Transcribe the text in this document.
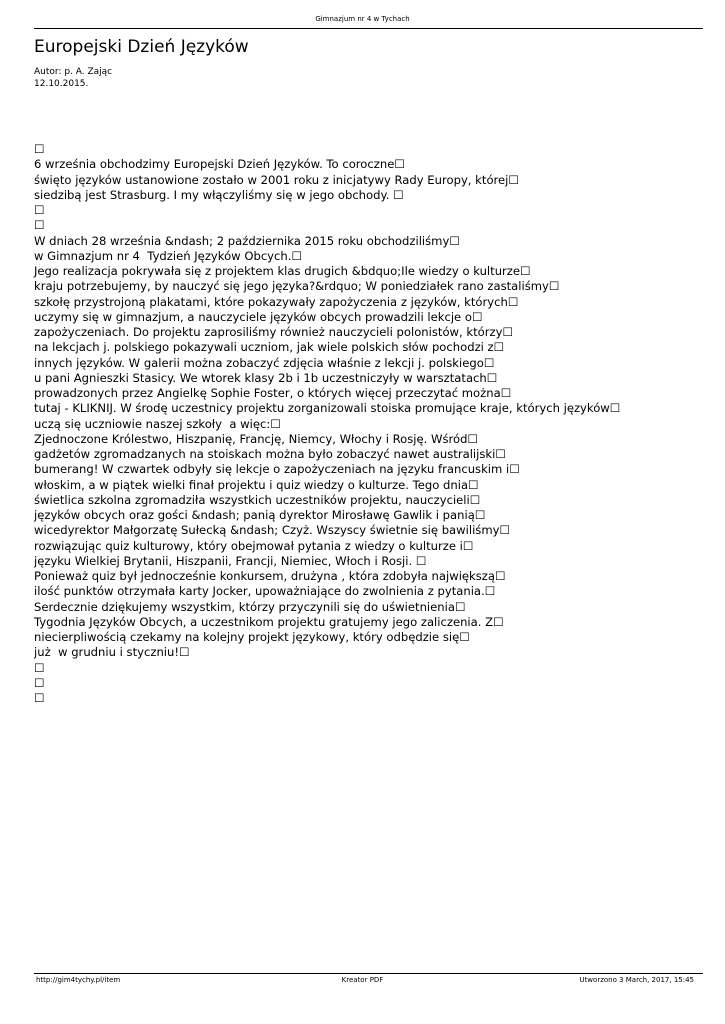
Gimnazjum nr 4 w Tychach
Europejski Dzień Języków
Autor: p. A. Zając
12.10.2015.
☐
6 września obchodzimy Europejski Dzień Języków. To coroczne☐
święto języków ustanowione zostało w 2001 roku z inicjatywy Rady Europy, której☐
siedzibą jest Strasburg. I my włączyliśmy się w jego obchody. ☐
☐
☐
W dniach 28 września &ndash; 2 października 2015 roku obchodziliśmy☐
w Gimnazjum nr 4  Tydzień Języków Obcych.☐
Jego realizacja pokrywała się z projektem klas drugich &bdquo;Ile wiedzy o kulturze☐
kraju potrzebujemy, by nauczyć się jego języka?&rdquo; W poniedziałek rano zastaliśmy☐
szkołę przystrojoną plakatami, które pokazywały zapożyczenia z języków, których☐
uczymy się w gimnazjum, a nauczyciele języków obcych prowadzili lekcje o☐
zapożyczeniach. Do projektu zaprosiliśmy również nauczycieli polonistów, którzy☐
na lekcjach j. polskiego pokazywali uczniom, jak wiele polskich słów pochodzi z☐
innych języków. W galerii można zobaczyć zdjęcia właśnie z lekcji j. polskiego☐
u pani Agnieszki Stasicy. We wtorek klasy 2b i 1b uczestniczyły w warsztatach☐
prowadzonych przez Angielkę Sophie Foster, o których więcej przeczytać można☐
tutaj - KLIKNIJ. W środę uczestnicy projektu zorganizowali stoiska promujące kraje, których języków☐
uczą się uczniowie naszej szkoły  a więc:☐
Zjednoczone Królestwo, Hiszpanię, Francję, Niemcy, Włochy i Rosję. Wśród☐
gadżetów zgromadzanych na stoiskach można było zobaczyć nawet australijski☐
bumerang! W czwartek odbyły się lekcje o zapożyczeniach na języku francuskim i☐
włoskim, a w piątek wielki finał projektu i quiz wiedzy o kulturze. Tego dnia☐
świetlica szkolna zgromadziła wszystkich uczestników projektu, nauczycieli☐
języków obcych oraz gości &ndash; panią dyrektor Mirosławę Gawlik i panią☐
wicedyrektor Małgorzatę Sułecką &ndash; Czyż. Wszyscy świetnie się bawiliśmy☐
rozwiązując quiz kulturowy, który obejmował pytania z wiedzy o kulturze i☐
języku Wielkiej Brytanii, Hiszpanii, Francji, Niemiec, Włoch i Rosji. ☐
Ponieważ quiz był jednocześnie konkursem, drużyna , która zdobyła największą☐
ilość punktów otrzymała karty Jocker, upoważniające do zwolnienia z pytania.☐
Serdecznie dziękujemy wszystkim, którzy przyczynili się do uświetnienia☐
Tygodnia Języków Obcych, a uczestnikom projektu gratujemy jego zaliczenia. Z☐
niecierpliwością czekamy na kolejny projekt językowy, który odbędzie się☐
już  w grudniu i styczniu!☐
☐
☐
☐
http://gim4tychy.pl/item	Kreator PDF	Utworzono 3 March, 2017, 15:45
